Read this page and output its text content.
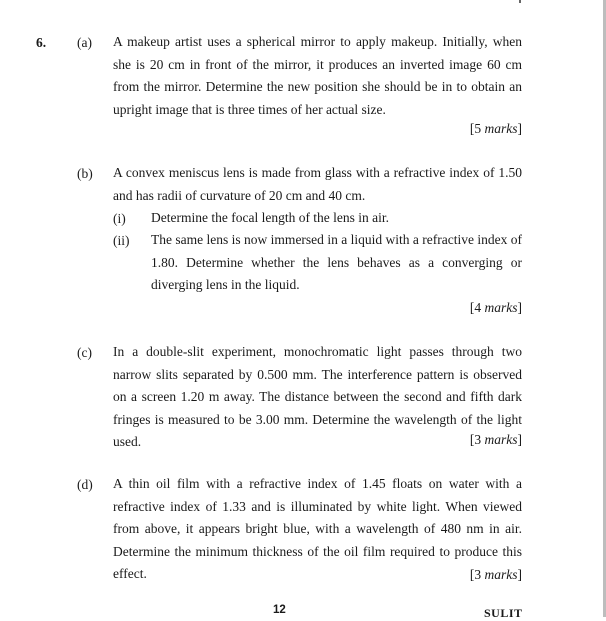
6. (a) A makeup artist uses a spherical mirror to apply makeup. Initially, when she is 20 cm in front of the mirror, it produces an inverted image 60 cm from the mirror. Determine the new position she should be in to obtain an upright image that is three times of her actual size.
[5 marks]
(b) A convex meniscus lens is made from glass with a refractive index of 1.50 and has radii of curvature of 20 cm and 40 cm.
(i) Determine the focal length of the lens in air.
(ii) The same lens is now immersed in a liquid with a refractive index of 1.80. Determine whether the lens behaves as a converging or diverging lens in the liquid.
[4 marks]
(c) In a double-slit experiment, monochromatic light passes through two narrow slits separated by 0.500 mm. The interference pattern is observed on a screen 1.20 m away. The distance between the second and fifth dark fringes is measured to be 3.00 mm. Determine the wavelength of the light used.	[3 marks]
(d) A thin oil film with a refractive index of 1.45 floats on water with a refractive index of 1.33 and is illuminated by white light. When viewed from above, it appears bright blue, with a wavelength of 480 nm in air. Determine the minimum thickness of the oil film required to produce this effect.	[3 marks]
12	SULIT
